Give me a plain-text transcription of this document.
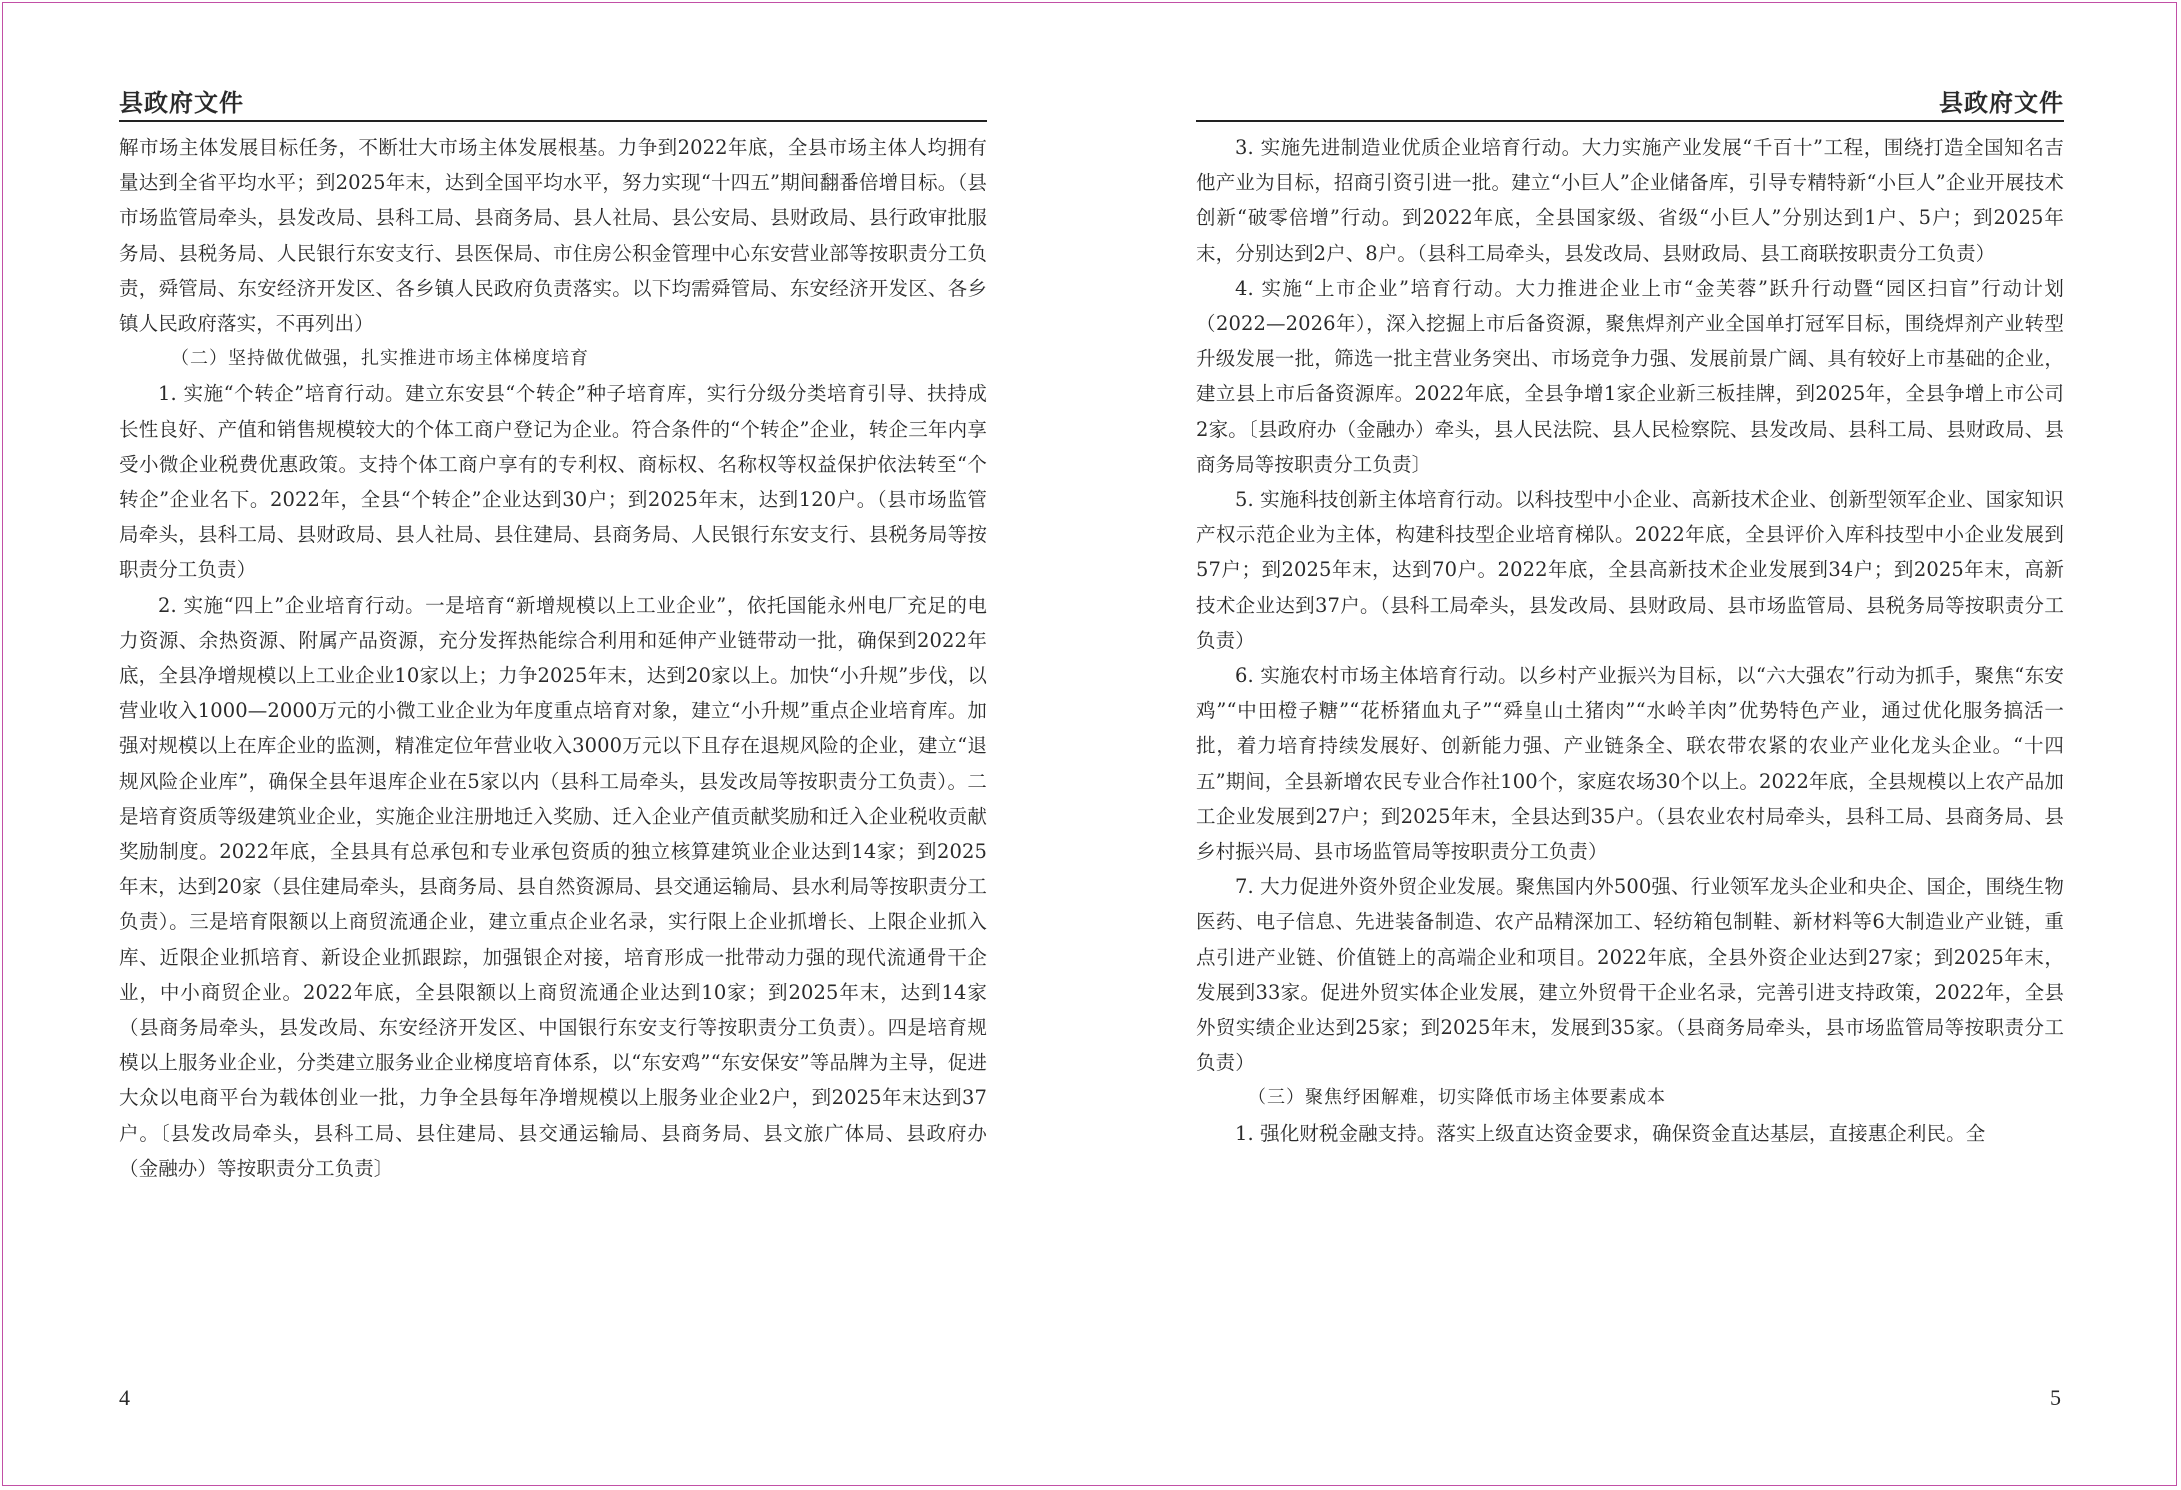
县政府文件

解市场主体发展目标任务，不断壮大市场主体发展根基。力争到2022年底，全县市场主体人均拥有量达到全省平均水平；到2025年末，达到全国平均水平，努力实现“十四五”期间翻番倍增目标。（县市场监管局牵头，县发改局、县科工局、县商务局、县人社局、县公安局、县财政局、县行政审批服务局、县税务局、人民银行东安支行、县医保局、市住房公积金管理中心东安营业部等按职责分工负责，舜管局、东安经济开发区、各乡镇人民政府负责落实。以下均需舜管局、东安经济开发区、各乡镇人民政府落实，不再列出）

（二）坚持做优做强，扎实推进市场主体梯度培育

1. 实施“个转企”培育行动。建立东安县“个转企”种子培育库，实行分级分类培育引导、扶持成长性良好、产值和销售规模较大的个体工商户登记为企业。符合条件的“个转企”企业，转企三年内享受小微企业税费优惠政策。支持个体工商户享有的专利权、商标权、名称权等权益保护依法转至“个转企”企业名下。2022年，全县“个转企”企业达到30户；到2025年末，达到120户。（县市场监管局牵头，县科工局、县财政局、县人社局、县住建局、县商务局、人民银行东安支行、县税务局等按职责分工负责）

2. 实施“四上”企业培育行动。一是培育“新增规模以上工业企业”，依托国能永州电厂充足的电力资源、余热资源、附属产品资源，充分发挥热能综合利用和延伸产业链带动一批，确保到2022年底，全县净增规模以上工业企业10家以上；力争2025年末，达到20家以上。加快“小升规”步伐，以营业收入1000—2000万元的小微工业企业为年度重点培育对象，建立“小升规”重点企业培育库。加强对规模以上在库企业的监测，精准定位年营业收入3000万元以下且存在退规风险的企业，建立“退规风险企业库”，确保全县年退库企业在5家以内（县科工局牵头，县发改局等按职责分工负责）。二是培育资质等级建筑业企业，实施企业注册地迁入奖励、迁入企业产值贡献奖励和迁入企业税收贡献奖励制度。2022年底，全县具有总承包和专业承包资质的独立核算建筑业企业达到14家；到2025年末，达到20家（县住建局牵头，县商务局、县自然资源局、县交通运输局、县水利局等按职责分工负责）。三是培育限额以上商贸流通企业，建立重点企业名录，实行限上企业抓增长、上限企业抓入库、近限企业抓培育、新设企业抓跟踪，加强银企对接，培育形成一批带动力强的现代流通骨干企业，中小商贸企业。2022年底，全县限额以上商贸流通企业达到10家；到2025年末，达到14家（县商务局牵头，县发改局、东安经济开发区、中国银行东安支行等按职责分工负责）。四是培育规模以上服务业企业，分类建立服务业企业梯度培育体系，以“东安鸡”“东安保安”等品牌为主导，促进大众以电商平台为载体创业一批，力争全县每年净增规模以上服务业企业2户，到2025年末达到37户。〔县发改局牵头，县科工局、县住建局、县交通运输局、县商务局、县文旅广体局、县政府办（金融办）等按职责分工负责〕

县政府文件

3. 实施先进制造业优质企业培育行动。大力实施产业发展“千百十”工程，围绕打造全国知名吉他产业为目标，招商引资引进一批。建立“小巨人”企业储备库，引导专精特新“小巨人”企业开展技术创新“破零倍增”行动。到2022年底，全县国家级、省级“小巨人”分别达到1户、5户；到2025年末，分别达到2户、8户。（县科工局牵头，县发改局、县财政局、县工商联按职责分工负责）

4. 实施“上市企业”培育行动。大力推进企业上市“金芙蓉”跃升行动暨“园区扫盲”行动计划（2022—2026年），深入挖掘上市后备资源，聚焦焊剂产业全国单打冠军目标，围绕焊剂产业转型升级发展一批，筛选一批主营业务突出、市场竞争力强、发展前景广阔、具有较好上市基础的企业，建立县上市后备资源库。2022年底，全县争增1家企业新三板挂牌，到2025年，全县争增上市公司2家。〔县政府办（金融办）牵头，县人民法院、县人民检察院、县发改局、县科工局、县财政局、县商务局等按职责分工负责〕

5. 实施科技创新主体培育行动。以科技型中小企业、高新技术企业、创新型领军企业、国家知识产权示范企业为主体，构建科技型企业培育梯队。2022年底，全县评价入库科技型中小企业发展到57户；到2025年末，达到70户。2022年底，全县高新技术企业发展到34户；到2025年末，高新技术企业达到37户。（县科工局牵头，县发改局、县财政局、县市场监管局、县税务局等按职责分工负责）

6. 实施农村市场主体培育行动。以乡村产业振兴为目标，以“六大强农”行动为抓手，聚焦“东安鸡”“中田橙子糖”“花桥猪血丸子”“舜皇山土猪肉”“水岭羊肉”优势特色产业，通过优化服务搞活一批，着力培育持续发展好、创新能力强、产业链条全、联农带农紧的农业产业化龙头企业。“十四五”期间，全县新增农民专业合作社100个，家庭农场30个以上。2022年底，全县规模以上农产品加工企业发展到27户；到2025年末，全县达到35户。（县农业农村局牵头，县科工局、县商务局、县乡村振兴局、县市场监管局等按职责分工负责）

7. 大力促进外资外贸企业发展。聚焦国内外500强、行业领军龙头企业和央企、国企，围绕生物医药、电子信息、先进装备制造、农产品精深加工、轻纺箱包制鞋、新材料等6大制造业产业链，重点引进产业链、价值链上的高端企业和项目。2022年底，全县外资企业达到27家；到2025年末，发展到33家。促进外贸实体企业发展，建立外贸骨干企业名录，完善引进支持政策，2022年，全县外贸实绩企业达到25家；到2025年末，发展到35家。（县商务局牵头，县市场监管局等按职责分工负责）

（三）聚焦纾困解难，切实降低市场主体要素成本

1. 强化财税金融支持。落实上级直达资金要求，确保资金直达基层，直接惠企利民。全

4	5
